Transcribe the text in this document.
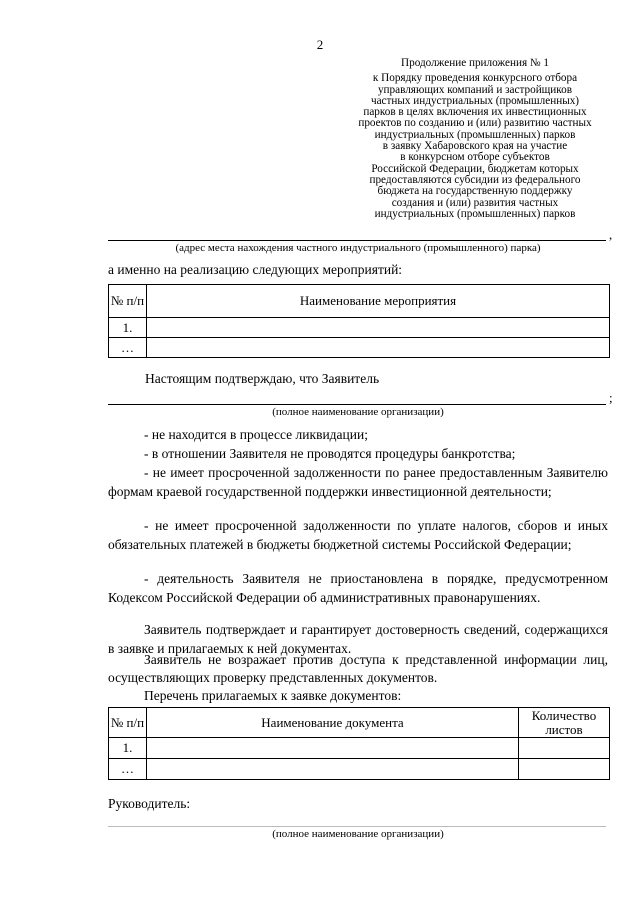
2
Продолжение приложения № 1
к Порядку проведения конкурсного отбора
управляющих компаний и застройщиков
частных индустриальных (промышленных)
парков в целях включения их инвестиционных
проектов по созданию и (или) развитию частных
индустриальных (промышленных) парков
в заявку Хабаровского края на участие
в конкурсном отборе субъектов
Российской Федерации, бюджетам которых
предоставляются субсидии из федерального
бюджета на государственную поддержку
создания и (или) развития частных
индустриальных (промышленных) парков
,
(адрес места нахождения частного индустриального (промышленного) парка)
а именно на реализацию следующих мероприятий:
№ п/п	Наименование мероприятия
1.	
…	
Настоящим подтверждаю, что Заявитель
;
(полное наименование организации)
- не находится в процессе ликвидации;
- в отношении Заявителя не проводятся процедуры банкротства;
- не имеет просроченной задолженности по ранее предоставленным Заявителю формам краевой государственной поддержки инвестиционной деятельности;
- не имеет просроченной задолженности по уплате налогов, сборов и иных обязательных платежей в бюджеты бюджетной системы Российской Федерации;
- деятельность Заявителя не приостановлена в порядке, предусмотренном Кодексом Российской Федерации об административных правонарушениях.
Заявитель подтверждает и гарантирует достоверность сведений, содержащихся в заявке и прилагаемых к ней документах.
Заявитель не возражает против доступа к представленной информации лиц, осуществляющих проверку представленных документов.
Перечень прилагаемых к заявке документов:
№ п/п	Наименование документа	Количество листов
1.		
…		
Руководитель:
(полное наименование организации)
